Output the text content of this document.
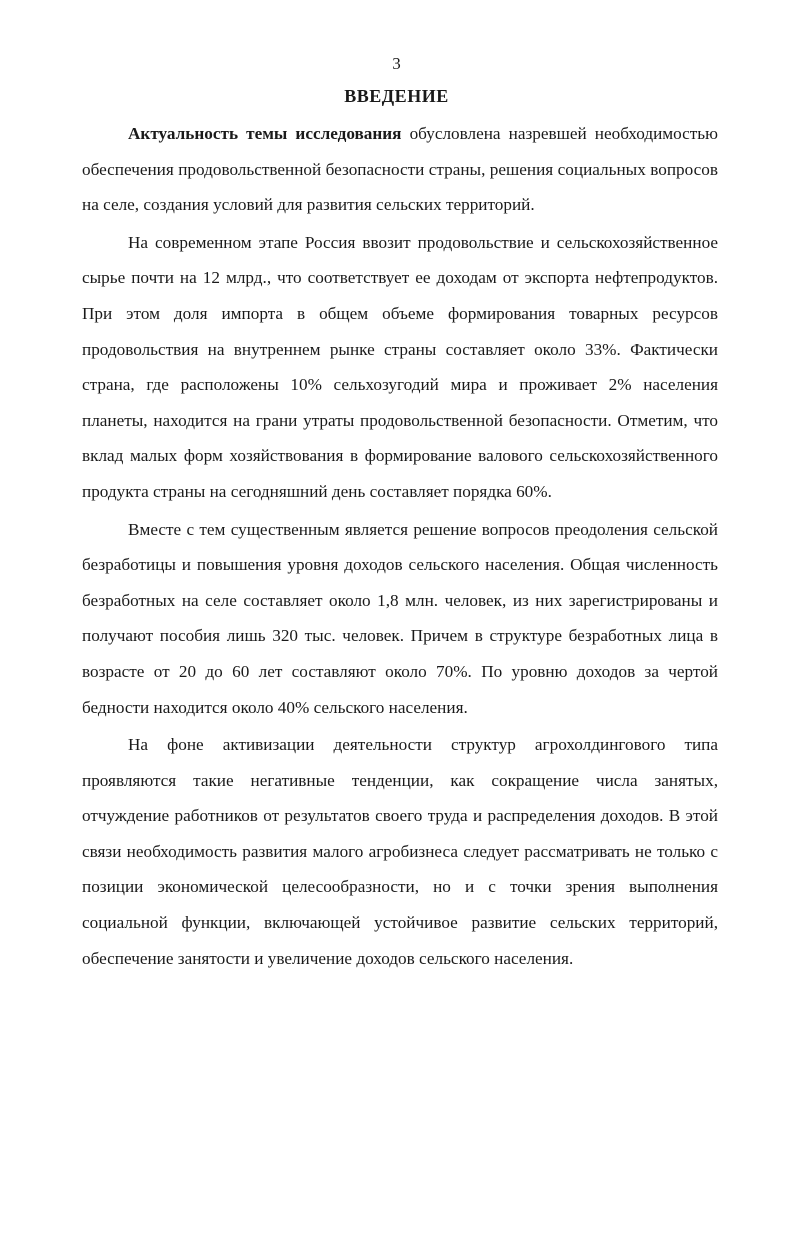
3
ВВЕДЕНИЕ

Актуальность темы исследования обусловлена назревшей необходимостью обеспечения продовольственной безопасности страны, решения социальных вопросов на селе, создания условий для развития сельских территорий.

На современном этапе Россия ввозит продовольствие и сельскохозяйственное сырье почти на 12 млрд., что соответствует ее доходам от экспорта нефтепродуктов. При этом доля импорта в общем объеме формирования товарных ресурсов продовольствия на внутреннем рынке страны составляет около 33%. Фактически страна, где расположены 10% сельхозугодий мира и проживает 2% населения планеты, находится на грани утраты продовольственной безопасности. Отметим, что вклад малых форм хозяйствования в формирование валового сельскохозяйственного продукта страны на сегодняшний день составляет порядка 60%.

Вместе с тем существенным является решение вопросов преодоления сельской безработицы и повышения уровня доходов сельского населения. Общая численность безработных на селе составляет около 1,8 млн. человек, из них зарегистрированы и получают пособия лишь 320 тыс. человек. Причем в структуре безработных лица в возрасте от 20 до 60 лет составляют около 70%. По уровню доходов за чертой бедности находится около 40% сельского населения.

На фоне активизации деятельности структур агрохолдингового типа проявляются такие негативные тенденции, как сокращение числа занятых, отчуждение работников от результатов своего труда и распределения доходов. В этой связи необходимость развития малого агробизнеса следует рассматривать не только с позиции экономической целесообразности, но и с точки зрения выполнения социальной функции, включающей устойчивое развитие сельских территорий, обеспечение занятости и увеличение доходов сельского населения.
